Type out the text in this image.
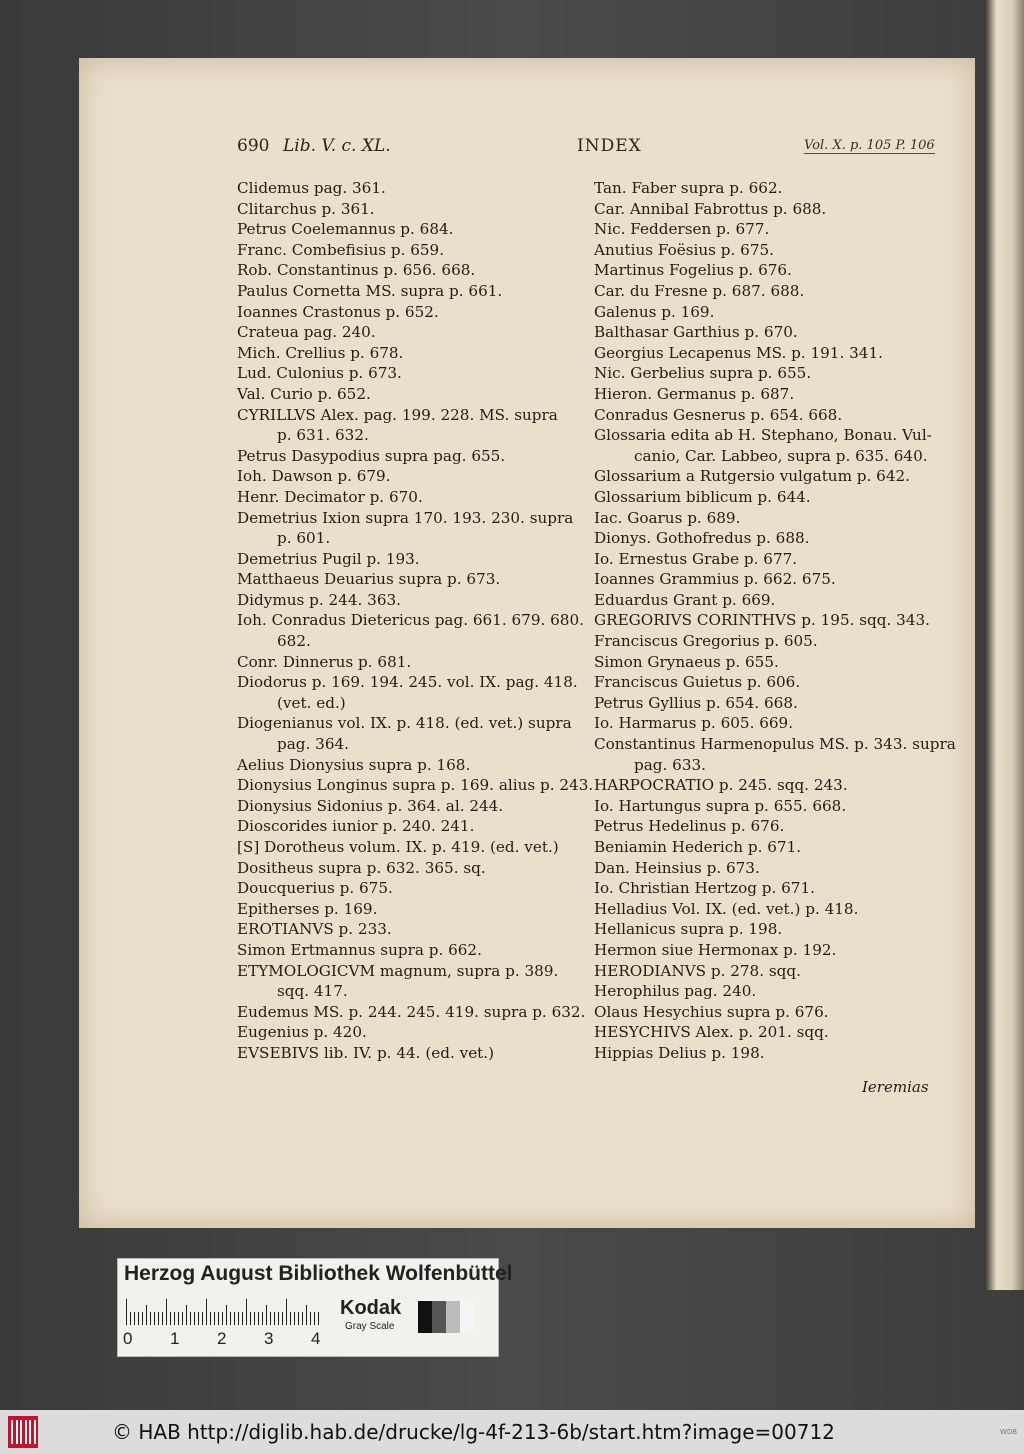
690 Lib. V. c. XL.	INDEX	Vol. X. p. 105 P. 106
Clidemus pag. 361.
Clitarchus p. 361.
Petrus Coelemannus p. 684.
Franc. Combefisius p. 659.
Rob. Constantinus p. 656. 668.
Paulus Cornetta MS. supra p. 661.
Ioannes Crastonus p. 652.
Crateua pag. 240.
Mich. Crellius p. 678.
Lud. Culonius p. 673.
Val. Curio p. 652.
CYRILLVS Alex. pag. 199. 228. MS. supra
p. 631. 632.
Petrus Dasypodius supra pag. 655.
Ioh. Dawson p. 679.
Henr. Decimator p. 670.
Demetrius Ixion supra 170. 193. 230. supra
p. 601.
Demetrius Pugil p. 193.
Matthaeus Deuarius supra p. 673.
Didymus p. 244. 363.
Ioh. Conradus Dietericus pag. 661. 679. 680.
682.
Conr. Dinnerus p. 681.
Diodorus p. 169. 194. 245. vol. IX. pag. 418.
(vet. ed.)
Diogenianus vol. IX. p. 418. (ed. vet.) supra
pag. 364.
Aelius Dionysius supra p. 168.
Dionysius Longinus supra p. 169. alius p. 243.
Dionysius Sidonius p. 364. al. 244.
Dioscorides iunior p. 240. 241.
[S] Dorotheus volum. IX. p. 419. (ed. vet.)
Dositheus supra p. 632. 365. sq.
Doucquerius p. 675.
Epitherses p. 169.
EROTIANVS p. 233.
Simon Ertmannus supra p. 662.
ETYMOLOGICVM magnum, supra p. 389.
sqq. 417.
Eudemus MS. p. 244. 245. 419. supra p. 632.
Eugenius p. 420.
EVSEBIVS lib. IV. p. 44. (ed. vet.)
Tan. Faber supra p. 662.
Car. Annibal Fabrottus p. 688.
Nic. Feddersen p. 677.
Anutius Foësius p. 675.
Martinus Fogelius p. 676.
Car. du Fresne p. 687. 688.
Galenus p. 169.
Balthasar Garthius p. 670.
Georgius Lecapenus MS. p. 191. 341.
Nic. Gerbelius supra p. 655.
Hieron. Germanus p. 687.
Conradus Gesnerus p. 654. 668.
Glossaria edita ab H. Stephano, Bonau. Vul-
canio, Car. Labbeo, supra p. 635. 640.
Glossarium a Rutgersio vulgatum p. 642.
Glossarium biblicum p. 644.
Iac. Goarus p. 689.
Dionys. Gothofredus p. 688.
Io. Ernestus Grabe p. 677.
Ioannes Grammius p. 662. 675.
Eduardus Grant p. 669.
GREGORIVS CORINTHVS p. 195. sqq. 343.
Franciscus Gregorius p. 605.
Simon Grynaeus p. 655.
Franciscus Guietus p. 606.
Petrus Gyllius p. 654. 668.
Io. Harmarus p. 605. 669.
Constantinus Harmenopulus MS. p. 343. supra
pag. 633.
HARPOCRATIO p. 245. sqq. 243.
Io. Hartungus supra p. 655. 668.
Petrus Hedelinus p. 676.
Beniamin Hederich p. 671.
Dan. Heinsius p. 673.
Io. Christian Hertzog p. 671.
Helladius Vol. IX. (ed. vet.) p. 418.
Hellanicus supra p. 198.
Hermon siue Hermonax p. 192.
HERODIANVS p. 278. sqq.
Herophilus pag. 240.
Olaus Hesychius supra p. 676.
HESYCHIVS Alex. p. 201. sqq.
Hippias Delius p. 198.
Ieremias
Herzog August Bibliothek Wolfenbüttel
0 1 2 3 4
Kodak
Gray Scale
© HAB http://diglib.hab.de/drucke/lg-4f-213-6b/start.htm?image=00712	WDB
